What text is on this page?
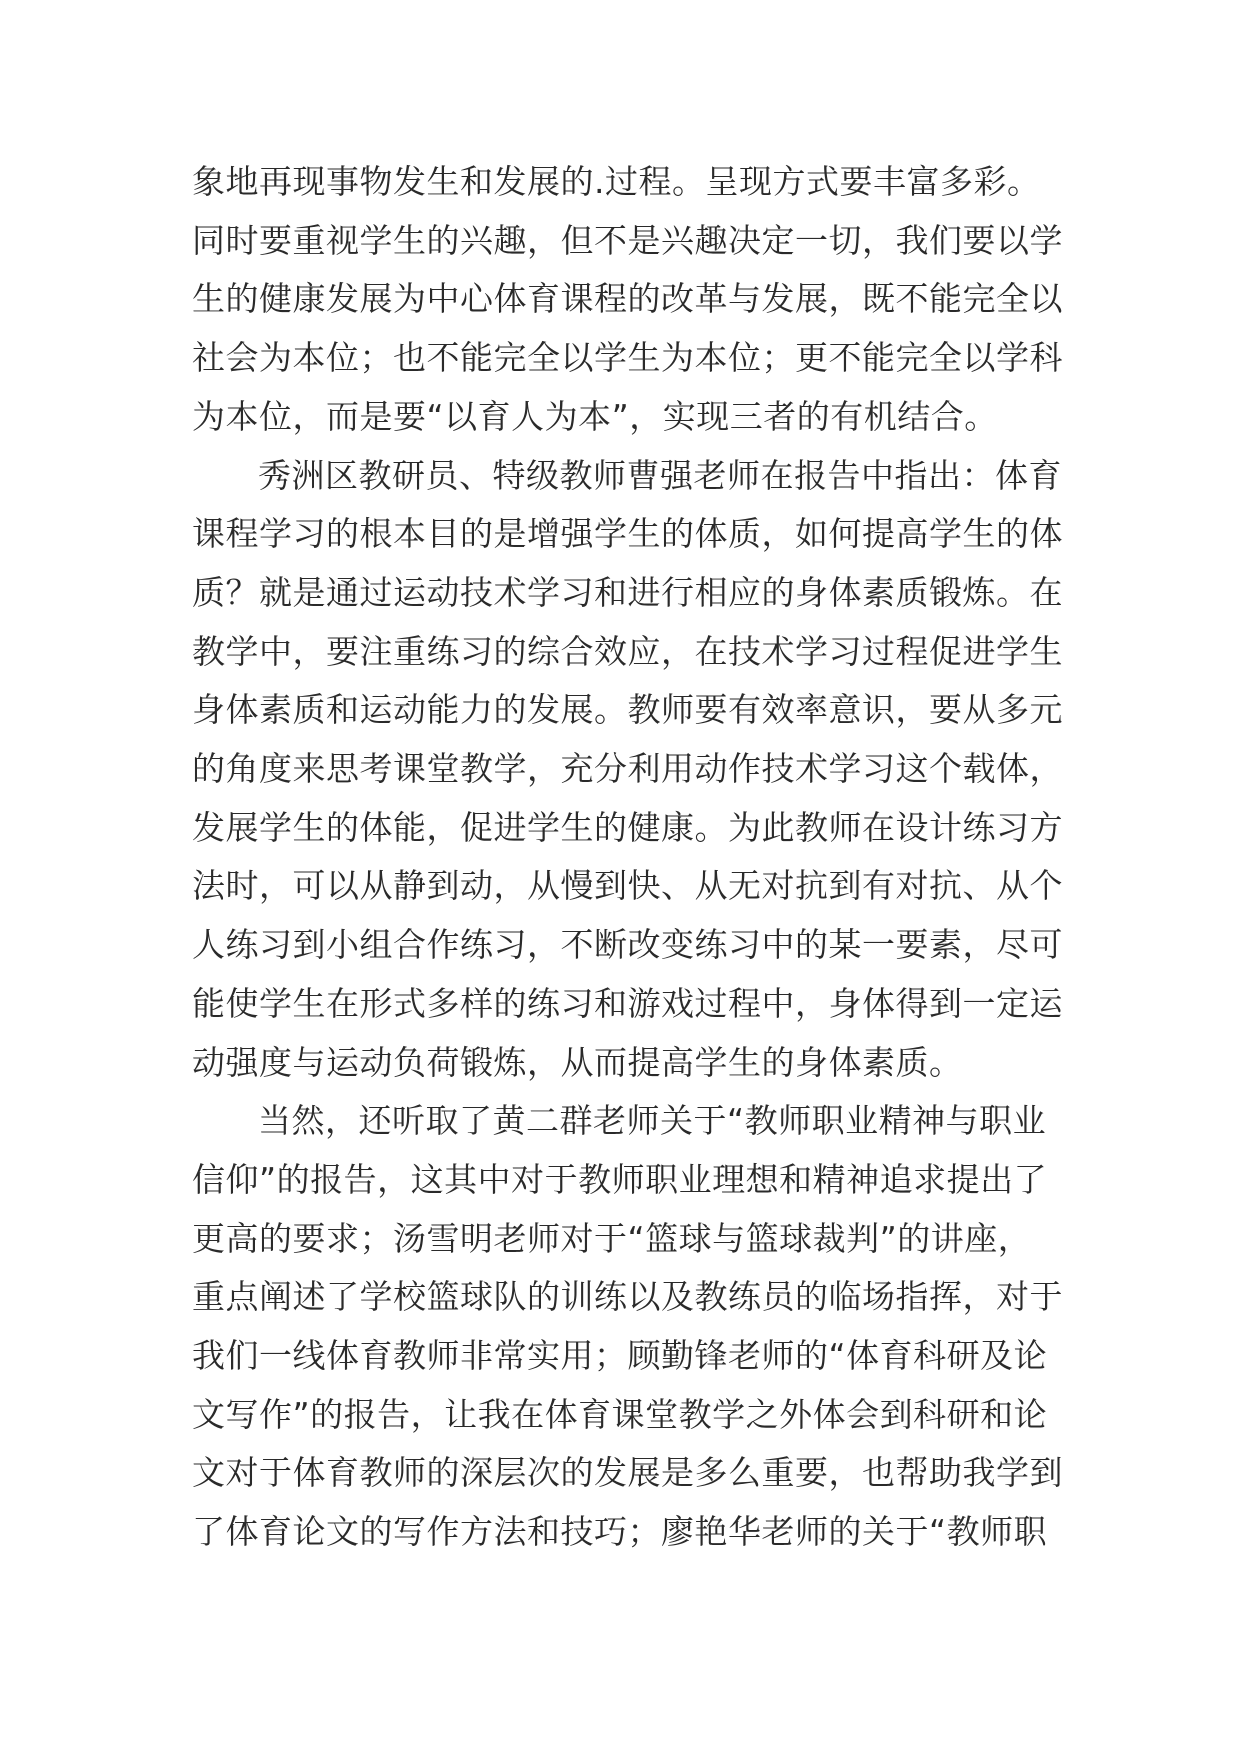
象地再现事物发生和发展的.过程。呈现方式要丰富多彩。
同时要重视学生的兴趣，但不是兴趣决定一切，我们要以学
生的健康发展为中心体育课程的改革与发展，既不能完全以
社会为本位；也不能完全以学生为本位；更不能完全以学科
为本位，而是要“以育人为本”，实现三者的有机结合。

秀洲区教研员、特级教师曹强老师在报告中指出：体育
课程学习的根本目的是增强学生的体质，如何提高学生的体
质？就是通过运动技术学习和进行相应的身体素质锻炼。在
教学中，要注重练习的综合效应，在技术学习过程促进学生
身体素质和运动能力的发展。教师要有效率意识，要从多元
的角度来思考课堂教学，充分利用动作技术学习这个载体，
发展学生的体能，促进学生的健康。为此教师在设计练习方
法时，可以从静到动，从慢到快、从无对抗到有对抗、从个
人练习到小组合作练习，不断改变练习中的某一要素，尽可
能使学生在形式多样的练习和游戏过程中，身体得到一定运
动强度与运动负荷锻炼，从而提高学生的身体素质。

当然，还听取了黄二群老师关于“教师职业精神与职业
信仰”的报告，这其中对于教师职业理想和精神追求提出了
更高的要求；汤雪明老师对于“篮球与篮球裁判”的讲座，
重点阐述了学校篮球队的训练以及教练员的临场指挥，对于
我们一线体育教师非常实用；顾勤锋老师的“体育科研及论
文写作”的报告，让我在体育课堂教学之外体会到科研和论
文对于体育教师的深层次的发展是多么重要，也帮助我学到
了体育论文的写作方法和技巧；廖艳华老师的关于“教师职
